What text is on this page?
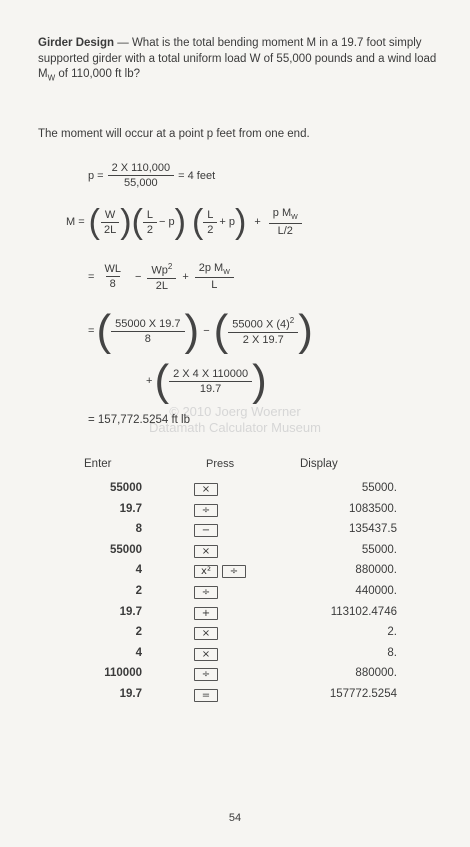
Girder Design — What is the total bending moment M in a 19.7 foot simply supported girder with a total uniform load W of 55,000 pounds and a wind load $M_W$ of 110,000 ft lb?
The moment will occur at a point p feet from one end.
$p = \frac{2 X 110,000}{55,000} = 4$ feet
M = ( $\frac{W}{2L}$ ) ( $\frac{L}{2} - p$ ) ( $\frac{L}{2} + p$ ) + $\frac{p M_W}{L/2}$
= $\frac{WL}{8} - \frac{Wp^2}{2L} + \frac{2p M_W}{L}$
= ( $\frac{55000 X 19.7}{8}$ ) − ( $\frac{55000 X (4)^2}{2 X 19.7}$ )
+ ( $\frac{2 X 4 X 110000}{19.7}$ )
© 2010 Joerg Woerner
Datamath Calculator Museum
= 157,772.5254 ft lb
Enter	Press	Display
55000	×	55000.
19.7	÷	1083500.
8	−	135437.5
55000	×	55000.
4	x²	÷	880000.
2	÷	440000.
19.7	+	113102.4746
2	×	2.
4	×	8.
110000	÷	880000.
19.7	=	157772.5254
54
